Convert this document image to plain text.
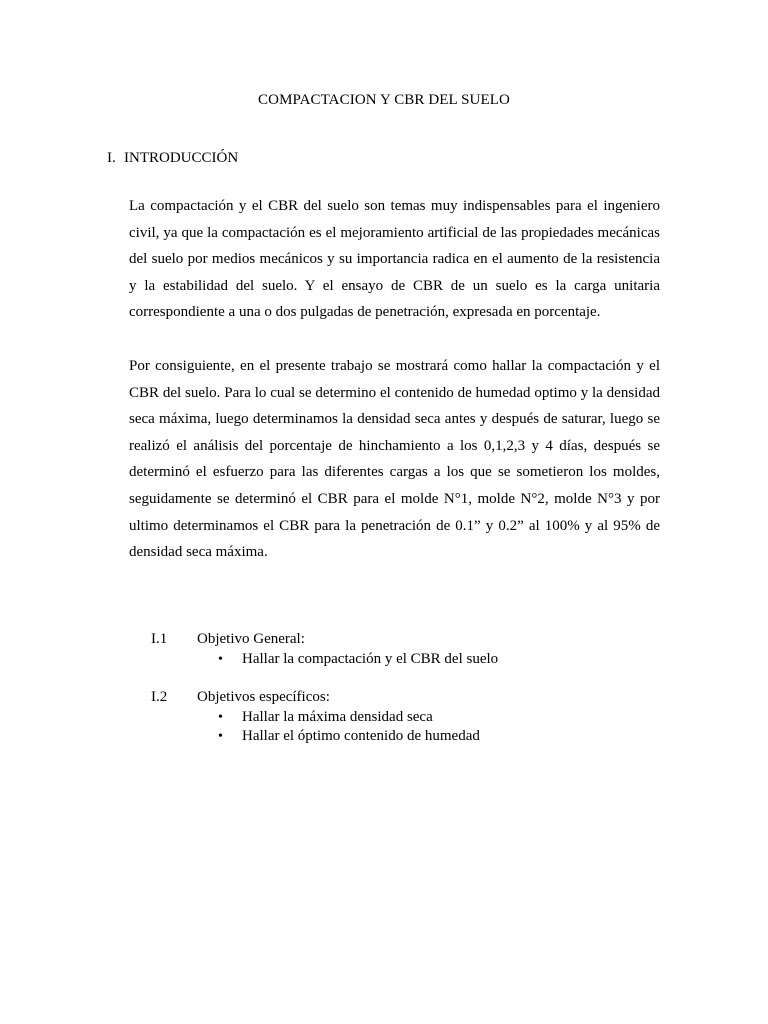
COMPACTACION Y CBR DEL SUELO
I. INTRODUCCIÓN

La compactación y el CBR del suelo son temas muy indispensables para el ingeniero civil, ya que la compactación es el mejoramiento artificial de las propiedades mecánicas del suelo por medios mecánicos y su importancia radica en el aumento de la resistencia y la estabilidad del suelo. Y el ensayo de CBR de un suelo es la carga unitaria correspondiente a una o dos pulgadas de penetración, expresada en porcentaje.

Por consiguiente, en el presente trabajo se mostrará como hallar la compactación y el CBR del suelo. Para lo cual se determino el contenido de humedad optimo y la densidad seca máxima, luego determinamos la densidad seca antes y después de saturar, luego se realizó el análisis del porcentaje de hinchamiento a los 0,1,2,3 y 4 días, después se determinó el esfuerzo para las diferentes cargas a los que se sometieron los moldes, seguidamente se determinó el CBR para el molde N°1, molde N°2, molde N°3 y por ultimo determinamos el CBR para la penetración de 0.1” y 0.2” al 100% y al 95% de densidad seca máxima.

I.1 Objetivo General:
• Hallar la compactación y el CBR del suelo
I.2 Objetivos específicos:
• Hallar la máxima densidad seca
• Hallar el óptimo contenido de humedad
